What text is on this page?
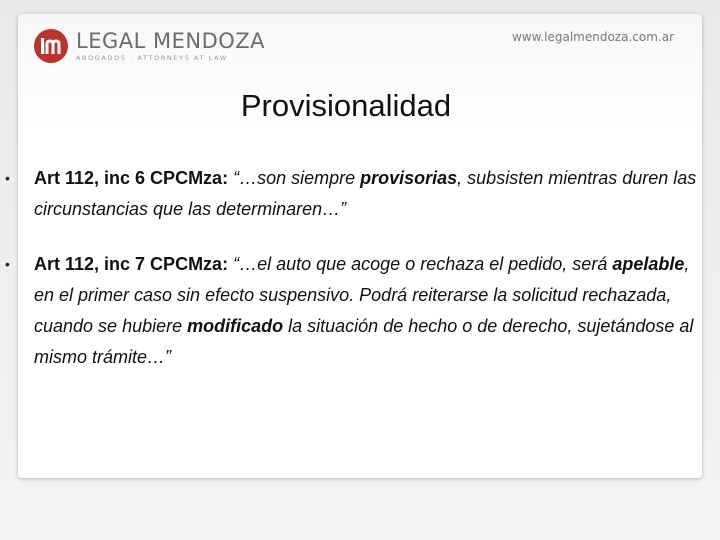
LEGAL MENDOZA
ABOGADOS · ATTORNEYS AT LAW
www.legalmendoza.com.ar
Provisionalidad
• Art 112, inc 6 CPCMza: “…son siempre provisorias, subsisten mientras duren las circunstancias que las determinaren…”
• Art 112, inc 7 CPCMza: “…el auto que acoge o rechaza el pedido, será apelable, en el primer caso sin efecto suspensivo. Podrá reiterarse la solicitud rechazada, cuando se hubiere modificado la situación de hecho o de derecho, sujetándose al mismo trámite…”
